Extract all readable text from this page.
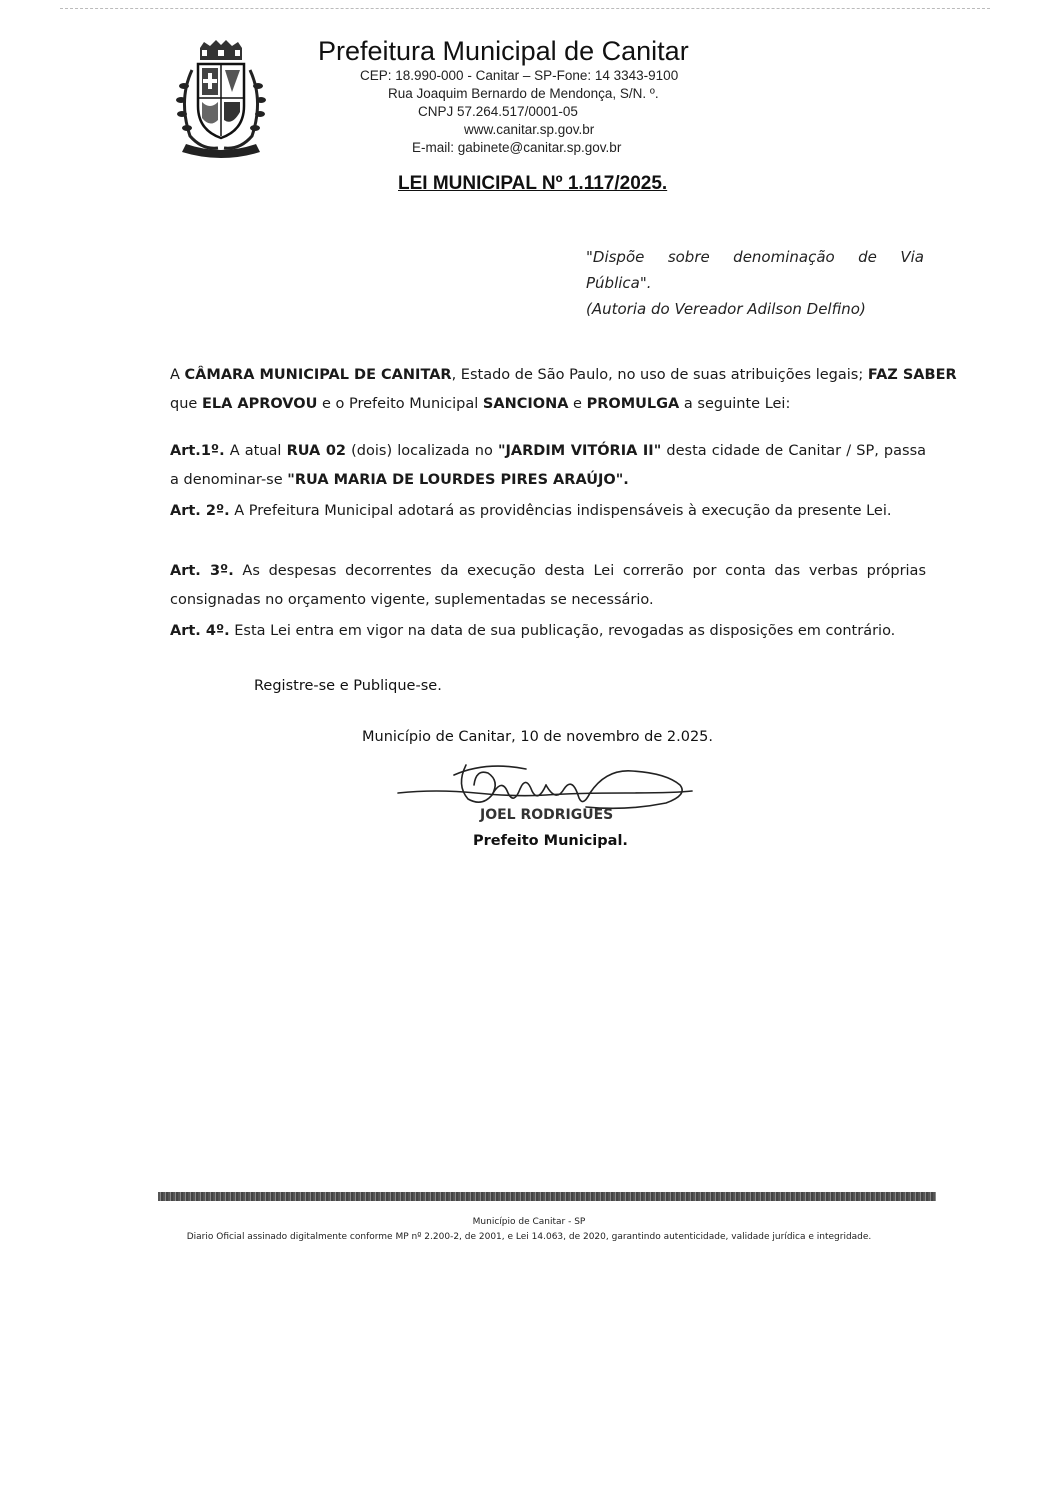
Prefeitura Municipal de Canitar
CEP: 18.990-000 - Canitar – SP-Fone: 14 3343-9100
Rua Joaquim Bernardo de Mendonça, S/N. º.
CNPJ 57.264.517/0001-05
www.canitar.sp.gov.br
E-mail: gabinete@canitar.sp.gov.br
LEI MUNICIPAL Nº 1.117/2025.
"Dispõe sobre denominação de Via
Pública".
(Autoria do Vereador Adilson Delfino)
A CÂMARA MUNICIPAL DE CANITAR, Estado de São Paulo, no uso de suas atribuições legais; FAZ SABER
que ELA APROVOU e o Prefeito Municipal SANCIONA e PROMULGA a seguinte Lei:
Art.1º. A atual RUA 02 (dois) localizada no "JARDIM VITÓRIA II" desta cidade de Canitar / SP, passa a denominar-se "RUA MARIA DE LOURDES PIRES ARAÚJO".
Art. 2º. A Prefeitura Municipal adotará as providências indispensáveis à execução da presente Lei.
Art. 3º. As despesas decorrentes da execução desta Lei correrão por conta das verbas próprias consignadas no orçamento vigente, suplementadas se necessário.
Art. 4º. Esta Lei entra em vigor na data de sua publicação, revogadas as disposições em contrário.
Registre-se e Publique-se.
Município de Canitar, 10 de novembro de 2.025.
JOEL RODRIGUES
Prefeito Municipal.
Município de Canitar - SP
Diario Oficial assinado digitalmente conforme MP nº 2.200-2, de 2001, e Lei 14.063, de 2020, garantindo autenticidade, validade jurídica e integridade.
